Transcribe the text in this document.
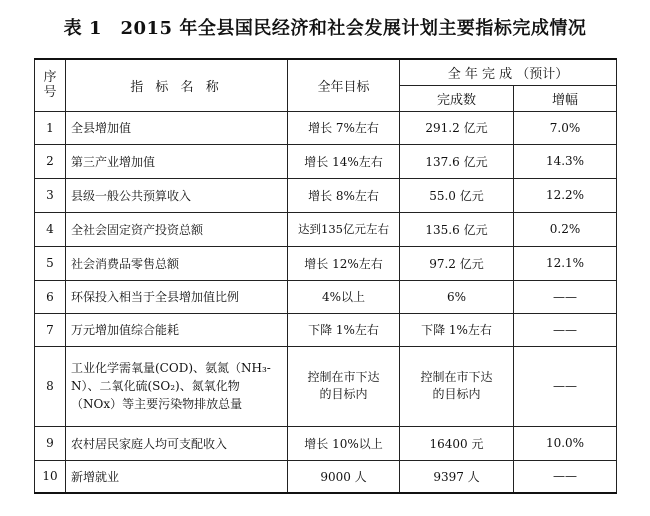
表 1　2015 年全县国民经济和社会发展计划主要指标完成情况
序号	指 标 名 称	全年目标	全 年 完 成 （预计）	
			完成数	增幅
1	全县增加值	增长 7%左右	291.2 亿元	7.0%
2	第三产业增加值	增长 14%左右	137.6 亿元	14.3%
3	县级一般公共预算收入	增长 8%左右	55.0 亿元	12.2%
4	全社会固定资产投资总额	达到135亿元左右	135.6 亿元	0.2%
5	社会消费品零售总额	增长 12%左右	97.2 亿元	12.1%
6	环保投入相当于全县增加值比例	4%以上	6%	——
7	万元增加值综合能耗	下降 1%左右	下降 1%左右	——
8	工业化学需氧量(COD)、氨氮（NH₃-N）、二氧化硫(SO₂)、氮氧化物（NOx）等主要污染物排放总量	控制在市下达的目标内	控制在市下达的目标内	——
9	农村居民家庭人均可支配收入	增长 10%以上	16400 元	10.0%
10	新增就业	9000 人	9397 人	——
